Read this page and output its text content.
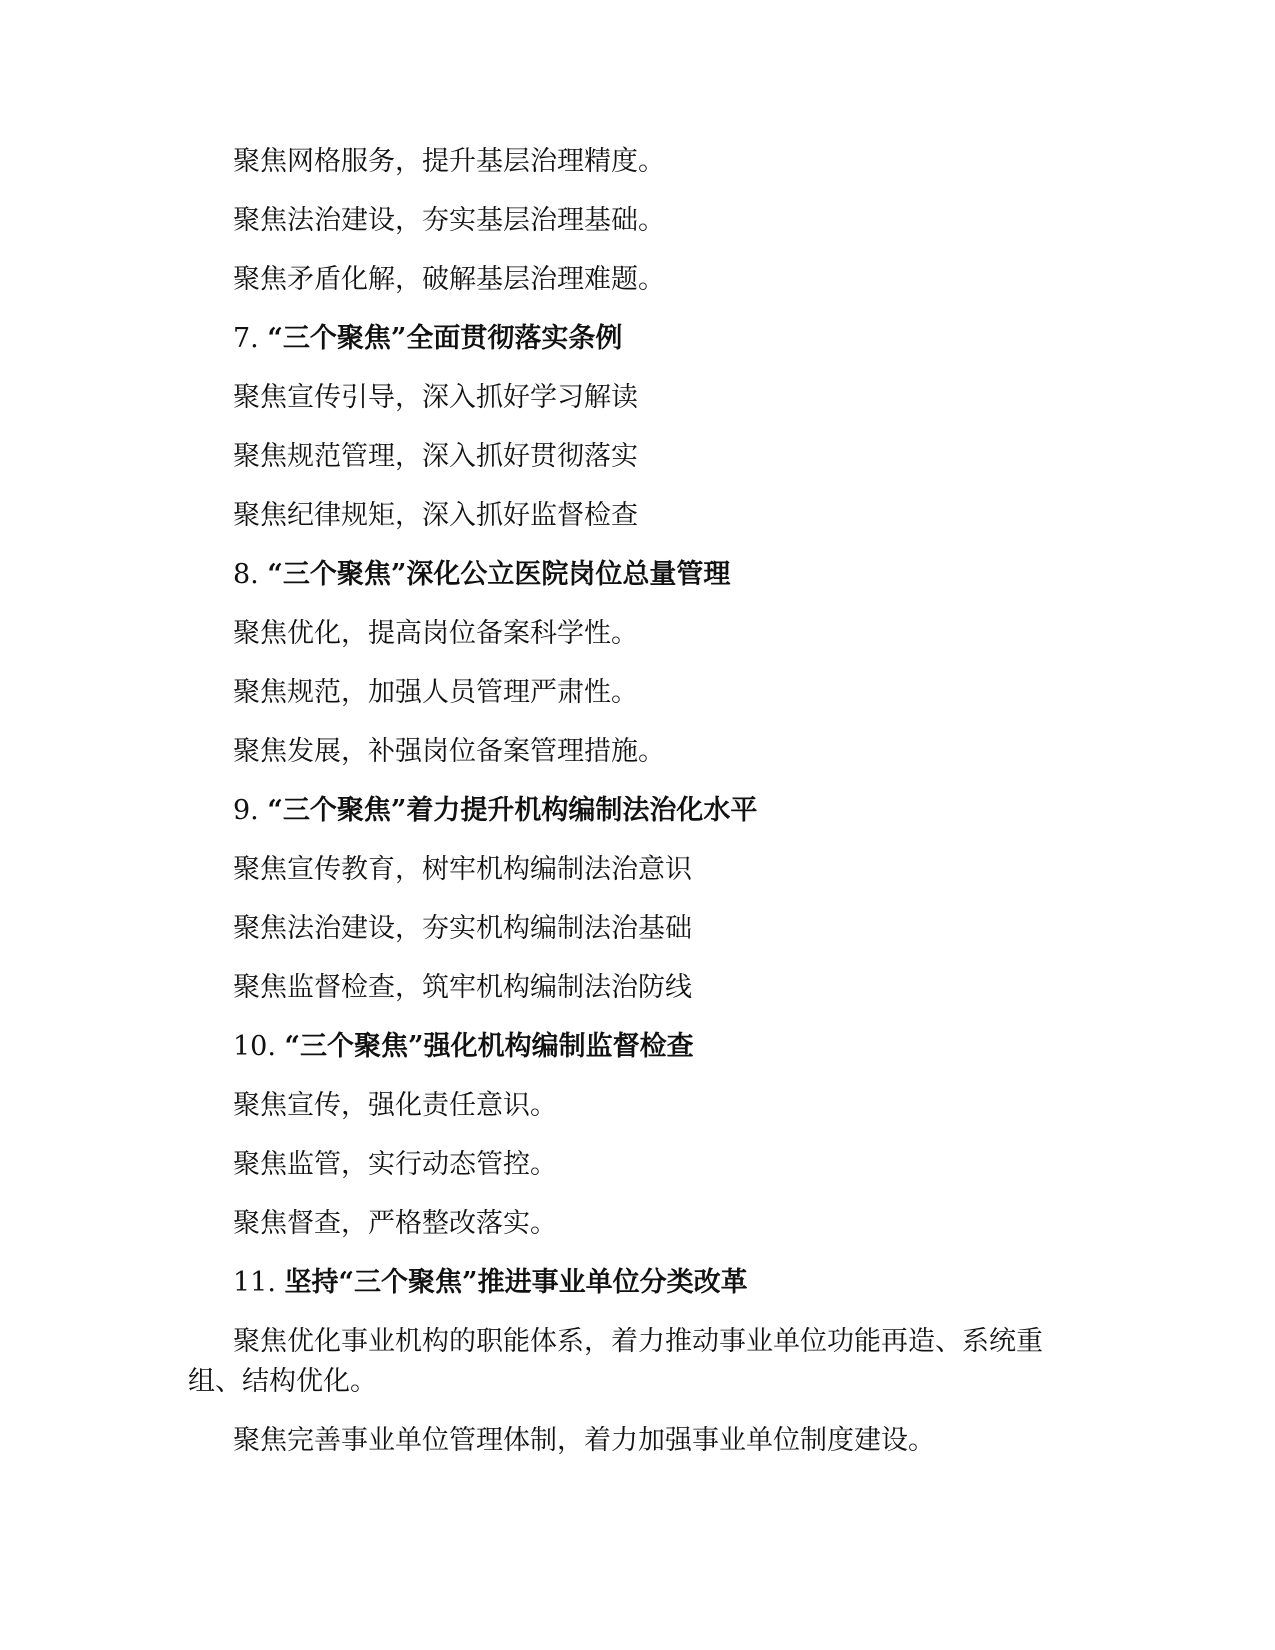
聚焦网格服务，提升基层治理精度。
聚焦法治建设，夯实基层治理基础。
聚焦矛盾化解，破解基层治理难题。
7. “三个聚焦”全面贯彻落实条例
聚焦宣传引导，深入抓好学习解读
聚焦规范管理，深入抓好贯彻落实
聚焦纪律规矩，深入抓好监督检查
8. “三个聚焦”深化公立医院岗位总量管理
聚焦优化，提高岗位备案科学性。
聚焦规范，加强人员管理严肃性。
聚焦发展，补强岗位备案管理措施。
9. “三个聚焦”着力提升机构编制法治化水平
聚焦宣传教育，树牢机构编制法治意识
聚焦法治建设，夯实机构编制法治基础
聚焦监督检查，筑牢机构编制法治防线
10. “三个聚焦”强化机构编制监督检查
聚焦宣传，强化责任意识。
聚焦监管，实行动态管控。
聚焦督查，严格整改落实。
11. 坚持“三个聚焦”推进事业单位分类改革

聚焦优化事业机构的职能体系，着力推动事业单位功能再造、系统重组、结构优化。

聚焦完善事业单位管理体制，着力加强事业单位制度建设。
